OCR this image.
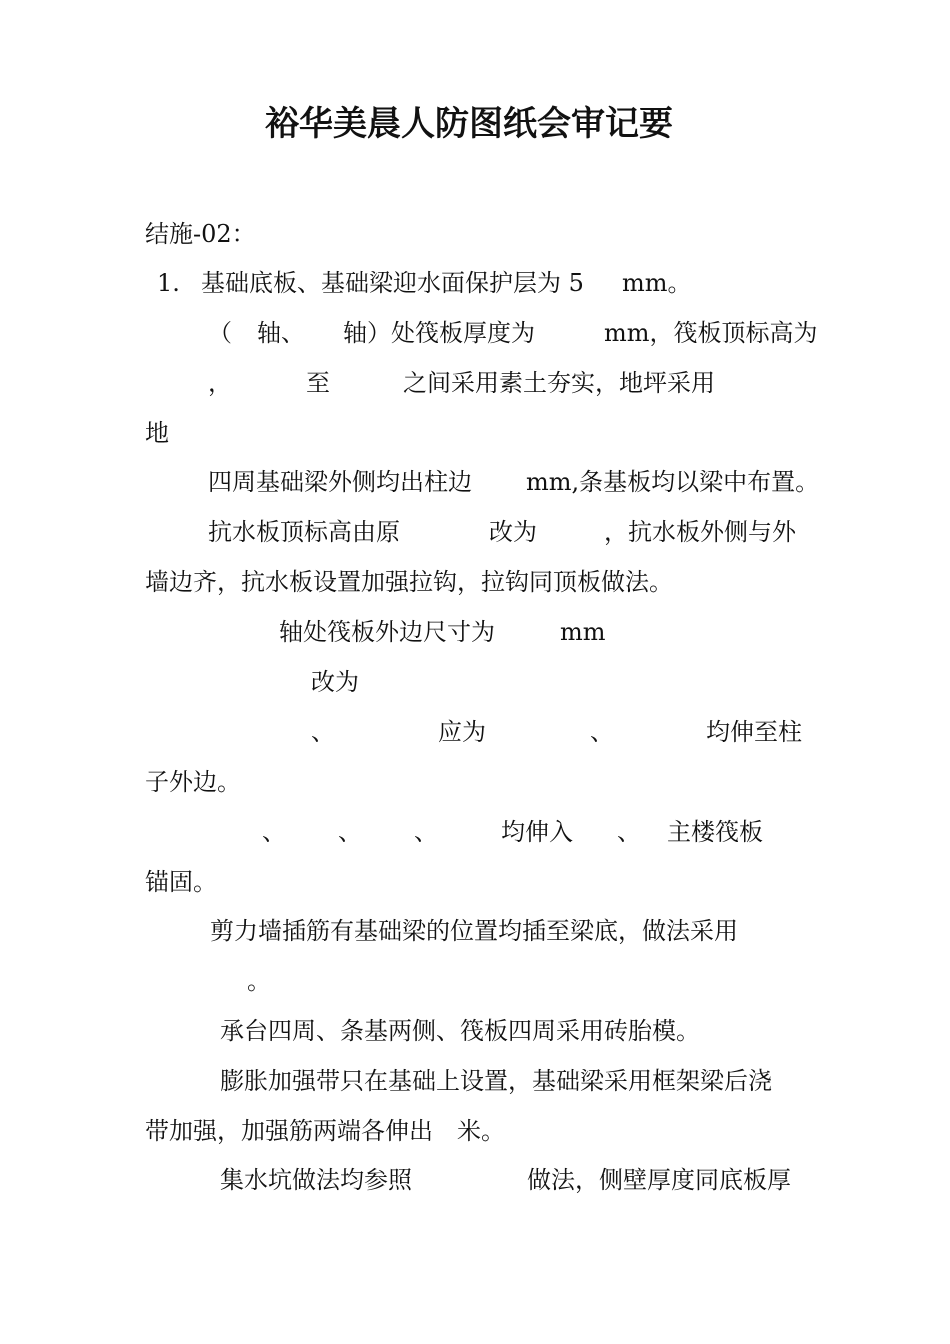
裕华美晨人防图纸会审记要

结施-02：

1. 基础底板、基础梁迎水面保护层为 5 mm。
（ 轴、 轴）处筏板厚度为	mm，筏板顶标高为
，	至	之间采用素土夯实，地坪采用

地

四周基础梁外侧均出柱边 mm,条基板均以梁中布置。
抗水板顶标高由原	改为	，抗水板外侧与外

墙边齐，抗水板设置加强拉钩，拉钩同顶板做法。

轴处筏板外边尺寸为	mm

改为

、	应为	、	均伸至柱

子外边。

、 、 、	均伸入 、 主楼筏板

锚固。

剪力墙插筋有基础梁的位置均插至梁底，做法采用

。

承台四周、条基两侧、筏板四周采用砖胎模。

膨胀加强带只在基础上设置，基础梁采用框架梁后浇

带加强，加强筋两端各伸出　米。

集水坑做法均参照	做法，侧壁厚度同底板厚
